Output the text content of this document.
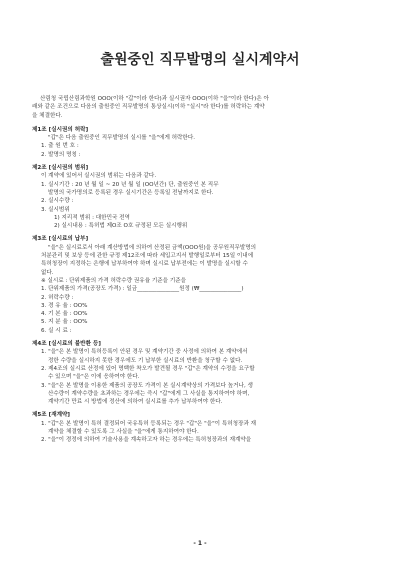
출원중인 직무발명의 실시계약서
산림청 국립산림과학원 OOO(이하 "갑"이라 한다)과 실시권자 OOO(이하 "을"이라 한다)은 아
래와 같은 조건으로 다음의 출원중인 직무발명의 통상실시(이하 "실시"라 한다)를 허락하는 계약
을 체결한다.
제1조 [실시권의 허락]
"갑"은 다음 출원중인 직무발명의 실시를 "을"에게 허락한다.
1. 출 원 번 호 :
2. 발명의 명칭 :
제2조 [실시권의 범위]
이 계약에 있어서 실시권의 범위는 다음과 같다.
1. 실시기간 : 20 년 월 일 ~ 20 년 월 일 (OO년간) 단, 출원중인 본 직무
발명의 국가명의로 등록된 경우 실시기간은 등록일 전날까지로 한다.
2. 실시수량 :
3. 실시범위
1) 지리적 범위 : 대한민국 전역
2) 실시내용 : 특허법 제O조 O호 규정된 모든 실시행위
제3조 [실시료의 납부]
"을"은 실시료로서 아래 계산방법에 의하여 산정된 금액(OOO원)을 공무원직무발명의
처분관리 및 보상 등에 관한 규정 제12조에 따라 세입고지서 발행일로부터 15일 이내에
특허청장이 지정하는 은행에 납부하여야 하며 실시료 납부전에는 이 발명을 실시할 수
없다.
※ 실시료 : 단위제품의 가격 허락수량 권유율 기준을 기준을
1. 단위제품의 가격(공장도 가격) : 일금_______________원정 (₩_______________)
2. 허락수량 :
3. 경 유 율 : OO%
4. 기 본 율 : OO%
5. 지 분 율 : OO%
6. 실 시 료 :
제4조 [실시료의 불반환 등]
1. "을"은 본 발명이 특허등록이 안된 경우 및 계약기간 중 사정에 의하여 본 계약에서
정한 수량을 실시하지 못한 경우에도 기 납부한 실시료의 반환을 청구할 수 없다.
2. 제4조의 실시료 산정에 있어 명백한 착오가 발견될 경우 "갑"은 계약의 수정을 요구할
수 있으며 "을"은 이에 응하여야 한다.
3. "을"은 본 발명을 이용한 제품의 공장도 가격이 본 실시계약상의 가격보다 높거나, 생
산수량이 계약수량을 초과하는 경우에는 즉시 "갑"에게 그 사실을 통지하여야 하며,
계약기간 만료 시 방법에 정산에 의하여 실시료를 추가 납부하여야 한다.
제5조 [재계약]
1. "갑"은 본 발명이 특허 결정되어 국유특허 등록되는 경우 "갑"은 "을"이 특허청장과 재
계약을 체결할 수 있도록 그 사실을 "을"에게 통지하여야 한다.
2. "을"이 경정에 의하여 기술사용을 계속하고자 하는 경우에는 특허청장과의 재계약을
- 1 -
